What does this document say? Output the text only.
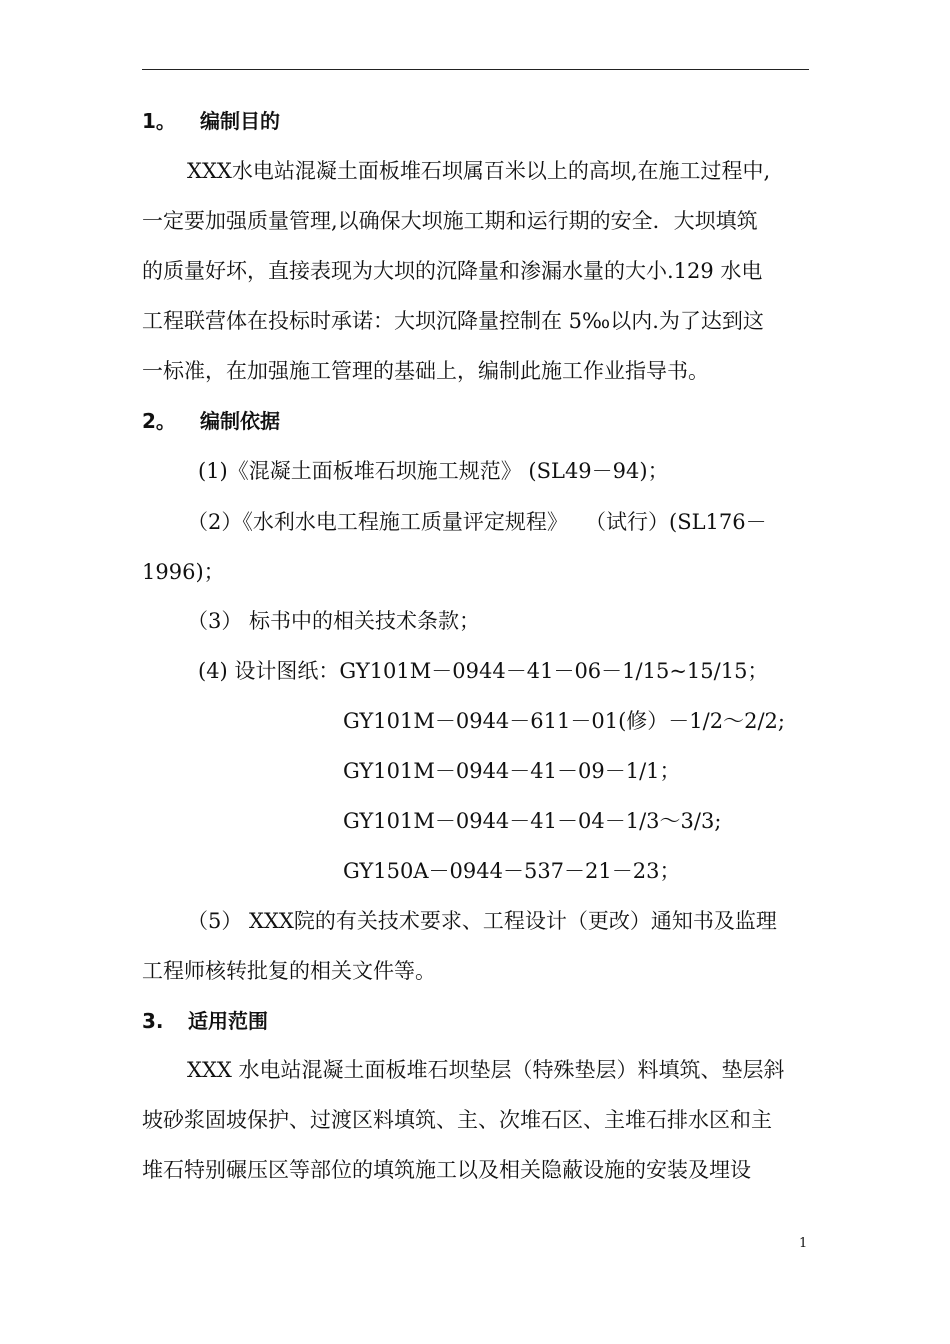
1。 编制目的
XXX水电站混凝土面板堆石坝属百米以上的高坝,在施工过程中,
一定要加强质量管理,以确保大坝施工期和运行期的安全．大坝填筑
的质量好坏，直接表现为大坝的沉降量和渗漏水量的大小.129 水电
工程联营体在投标时承诺：大坝沉降量控制在 5‰以内.为了达到这
一标准，在加强施工管理的基础上，编制此施工作业指导书。
2。 编制依据
(1)《混凝土面板堆石坝施工规范》 (SL49－94)；
（2）《水利水电工程施工质量评定规程》　 （试行）(SL176－
1996)；
（3） 标书中的相关技术条款；
(4) 设计图纸：GY101M－0944－41－06－1/15~15/15；
GY101M－0944－611－01(修）－1/2～2/2;
GY101M－0944－41－09－1/1；
GY101M－0944－41－04－1/3～3/3;
GY150A－0944－537－21－23；
（5） XXX院的有关技术要求、工程设计（更改）通知书及监理
工程师核转批复的相关文件等。
3. 适用范围
XXX 水电站混凝土面板堆石坝垫层（特殊垫层）料填筑、垫层斜
坡砂浆固坡保护、过渡区料填筑、主、次堆石区、主堆石排水区和主
堆石特别碾压区等部位的填筑施工以及相关隐蔽设施的安装及埋设
1
